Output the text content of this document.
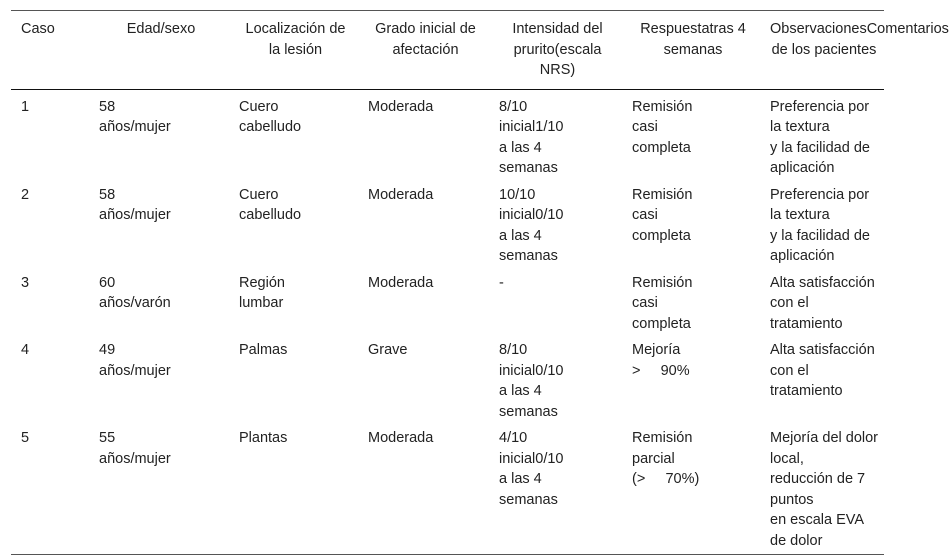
Caso	Edad/sexo	Localización de la lesión	Grado inicial de afectación	Intensidad del prurito(escala NRS)	Respuestatras 4 semanas	ObservacionesComentarios de los pacientes
1	58
años/mujer	Cuero
cabelludo	Moderada	8/10
inicial1/10
a las 4
semanas	Remisión
casi
completa	Preferencia por la textura
y la facilidad de
aplicación

2	58
años/mujer	Cuero
cabelludo	Moderada	10/10
inicial0/10
a las 4
semanas	Remisión
casi
completa	Preferencia por la textura
y la facilidad de
aplicación

3	60
años/varón	Región
lumbar	Moderada	-	Remisión
casi
completa	Alta satisfacción con el
tratamiento

4	49
años/mujer	Palmas	Grave	8/10
inicial0/10
a las 4
semanas	Mejoría
>     90%	Alta satisfacción con el
tratamiento

5	55
años/mujer	Plantas	Moderada	4/10
inicial0/10
a las 4
semanas	Remisión
parcial
(>     70%)	Mejoría del dolor local,
reducción de 7 puntos
en escala EVA de dolor
